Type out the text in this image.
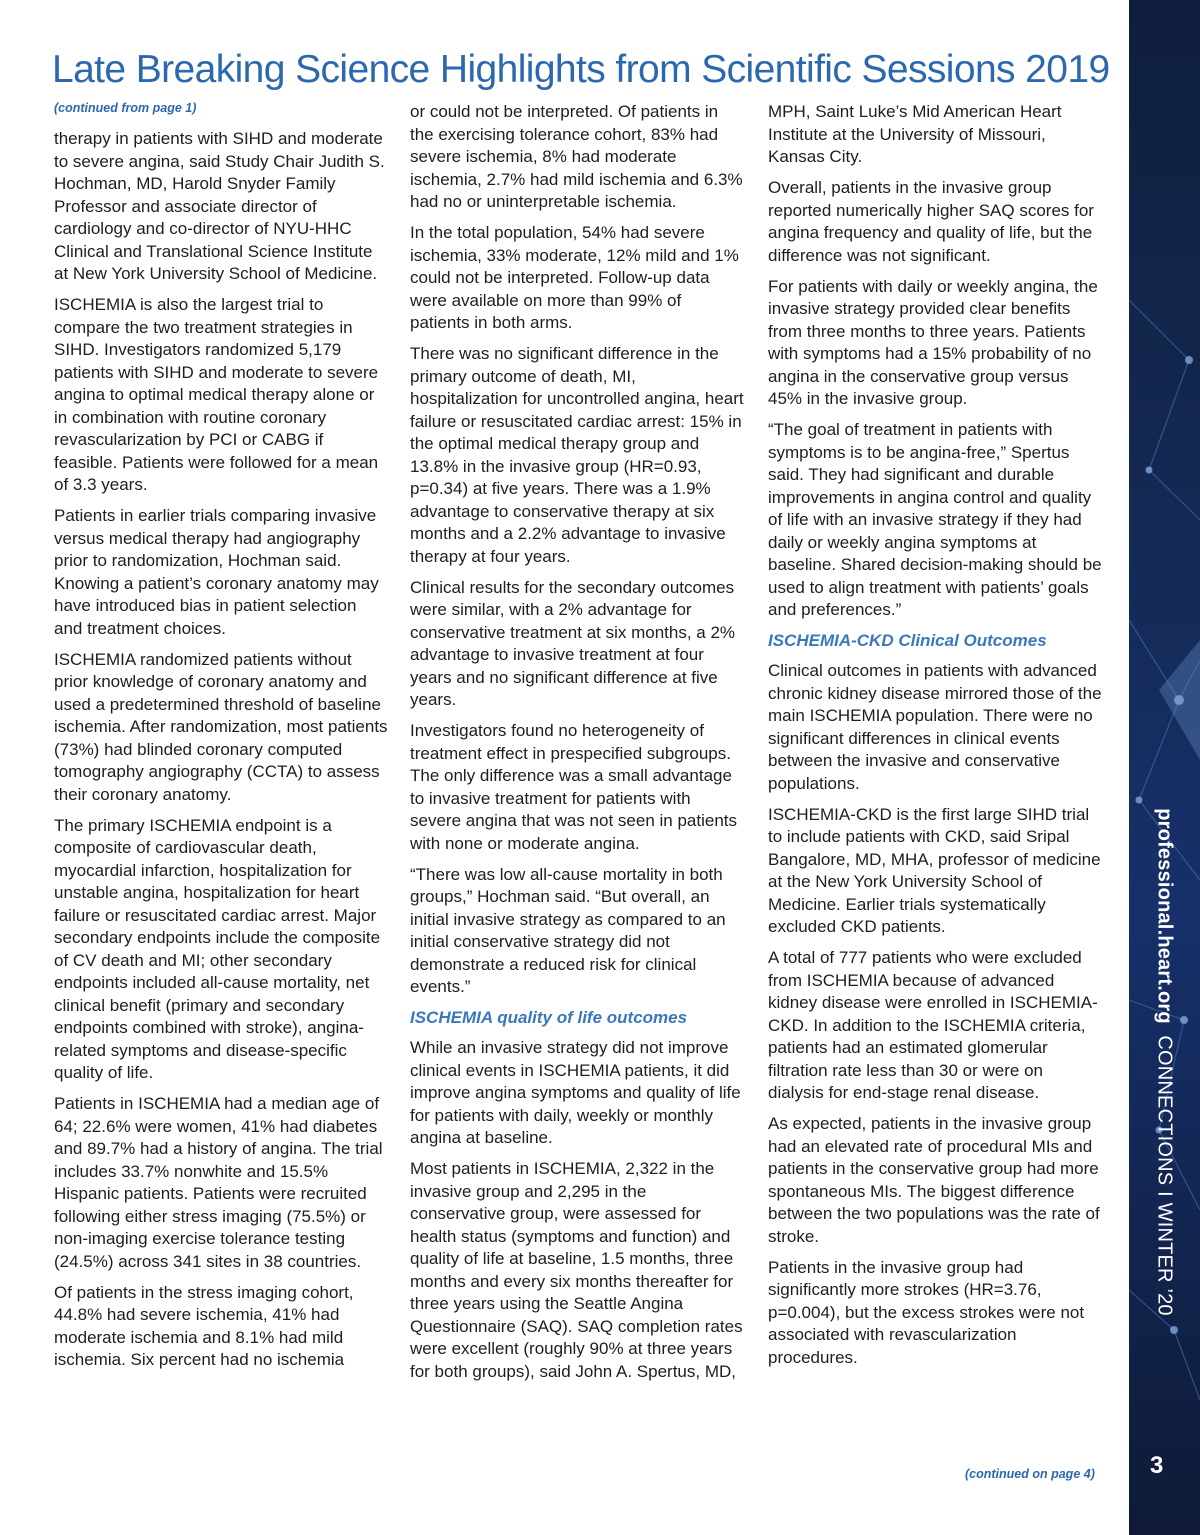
Late Breaking Science Highlights from Scientific Sessions 2019
(continued from page 1)

therapy in patients with SIHD and moderate to severe angina, said Study Chair Judith S. Hochman, MD, Harold Snyder Family Professor and associate director of cardiology and co-director of NYU-HHC Clinical and Translational Science Institute at New York University School of Medicine.

ISCHEMIA is also the largest trial to compare the two treatment strategies in SIHD. Investigators randomized 5,179 patients with SIHD and moderate to severe angina to optimal medical therapy alone or in combination with routine coronary revascularization by PCI or CABG if feasible. Patients were followed for a mean of 3.3 years.

Patients in earlier trials comparing invasive versus medical therapy had angiography prior to randomization, Hochman said. Knowing a patient’s coronary anatomy may have introduced bias in patient selection and treatment choices.

ISCHEMIA randomized patients without prior knowledge of coronary anatomy and used a predetermined threshold of baseline ischemia. After randomization, most patients (73%) had blinded coronary computed tomography angiography (CCTA) to assess their coronary anatomy.

The primary ISCHEMIA endpoint is a composite of cardiovascular death, myocardial infarction, hospitalization for unstable angina, hospitalization for heart failure or resuscitated cardiac arrest. Major secondary endpoints include the composite of CV death and MI; other secondary endpoints included all-cause mortality, net clinical benefit (primary and secondary endpoints combined with stroke), angina-related symptoms and disease-specific quality of life.

Patients in ISCHEMIA had a median age of 64; 22.6% were women, 41% had diabetes and 89.7% had a history of angina. The trial includes 33.7% nonwhite and 15.5% Hispanic patients. Patients were recruited following either stress imaging (75.5%) or non-imaging exercise tolerance testing (24.5%) across 341 sites in 38 countries.

Of patients in the stress imaging cohort, 44.8% had severe ischemia, 41% had moderate ischemia and 8.1% had mild ischemia. Six percent had no ischemia

or could not be interpreted. Of patients in the exercising tolerance cohort, 83% had severe ischemia, 8% had moderate ischemia, 2.7% had mild ischemia and 6.3% had no or uninterpretable ischemia.

In the total population, 54% had severe ischemia, 33% moderate, 12% mild and 1% could not be interpreted. Follow-up data were available on more than 99% of patients in both arms.

There was no significant difference in the primary outcome of death, MI, hospitalization for uncontrolled angina, heart failure or resuscitated cardiac arrest: 15% in the optimal medical therapy group and 13.8% in the invasive group (HR=0.93, p=0.34) at five years. There was a 1.9% advantage to conservative therapy at six months and a 2.2% advantage to invasive therapy at four years.

Clinical results for the secondary outcomes were similar, with a 2% advantage for conservative treatment at six months, a 2% advantage to invasive treatment at four years and no significant difference at five years.

Investigators found no heterogeneity of treatment effect in prespecified subgroups. The only difference was a small advantage to invasive treatment for patients with severe angina that was not seen in patients with none or moderate angina.

“There was low all-cause mortality in both groups,” Hochman said. “But overall, an initial invasive strategy as compared to an initial conservative strategy did not demonstrate a reduced risk for clinical events.”

ISCHEMIA quality of life outcomes

While an invasive strategy did not improve clinical events in ISCHEMIA patients, it did improve angina symptoms and quality of life for patients with daily, weekly or monthly angina at baseline.

Most patients in ISCHEMIA, 2,322 in the invasive group and 2,295 in the conservative group, were assessed for health status (symptoms and function) and quality of life at baseline, 1.5 months, three months and every six months thereafter for three years using the Seattle Angina Questionnaire (SAQ). SAQ completion rates were excellent (roughly 90% at three years for both groups), said John A. Spertus, MD,

MPH, Saint Luke’s Mid American Heart Institute at the University of Missouri, Kansas City.

Overall, patients in the invasive group reported numerically higher SAQ scores for angina frequency and quality of life, but the difference was not significant.

For patients with daily or weekly angina, the invasive strategy provided clear benefits from three months to three years. Patients with symptoms had a 15% probability of no angina in the conservative group versus 45% in the invasive group.

“The goal of treatment in patients with symptoms is to be angina-free,” Spertus said. They had significant and durable improvements in angina control and quality of life with an invasive strategy if they had daily or weekly angina symptoms at baseline. Shared decision-making should be used to align treatment with patients’ goals and preferences.”

ISCHEMIA-CKD Clinical Outcomes

Clinical outcomes in patients with advanced chronic kidney disease mirrored those of the main ISCHEMIA population. There were no significant differences in clinical events between the invasive and conservative populations.

ISCHEMIA-CKD is the first large SIHD trial to include patients with CKD, said Sripal Bangalore, MD, MHA, professor of medicine at the New York University School of Medicine. Earlier trials systematically excluded CKD patients.

A total of 777 patients who were excluded from ISCHEMIA because of advanced kidney disease were enrolled in ISCHEMIA-CKD. In addition to the ISCHEMIA criteria, patients had an estimated glomerular filtration rate less than 30 or were on dialysis for end-stage renal disease.

As expected, patients in the invasive group had an elevated rate of procedural MIs and patients in the conservative group had more spontaneous MIs. The biggest difference between the two populations was the rate of stroke.

Patients in the invasive group had significantly more strokes (HR=3.76, p=0.004), but the excess strokes were not associated with revascularization procedures.

(continued on page 4)
professional.heart.org  CONNECTIONS I WINTER ’20
3
